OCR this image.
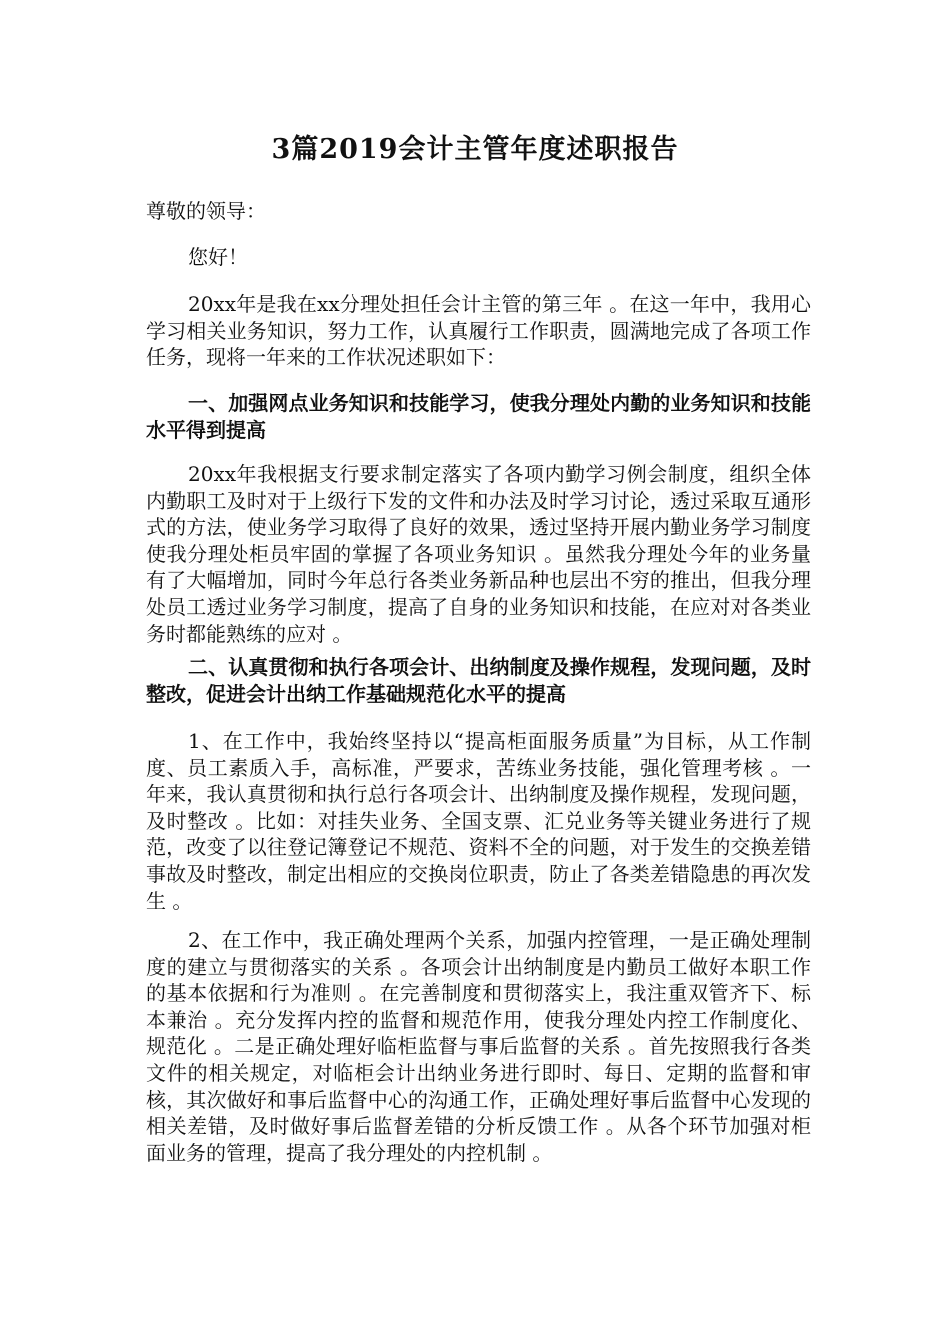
3篇2019会计主管年度述职报告

尊敬的领导：

您好！

20xx年是我在xx分理处担任会计主管的第三年 。在这一年中，我用心学习相关业务知识，努力工作，认真履行工作职责，圆满地完成了各项工作任务，现将一年来的工作状况述职如下：

一、加强网点业务知识和技能学习，使我分理处内勤的业务知识和技能水平得到提高

20xx年我根据支行要求制定落实了各项内勤学习例会制度，组织全体内勤职工及时对于上级行下发的文件和办法及时学习讨论，透过采取互通形式的方法，使业务学习取得了良好的效果，透过坚持开展内勤业务学习制度使我分理处柜员牢固的掌握了各项业务知识 。虽然我分理处今年的业务量有了大幅增加，同时今年总行各类业务新品种也层出不穷的推出，但我分理处员工透过业务学习制度，提高了自身的业务知识和技能，在应对对各类业务时都能熟练的应对 。

二、认真贯彻和执行各项会计、出纳制度及操作规程，发现问题，及时整改，促进会计出纳工作基础规范化水平的提高

1、在工作中，我始终坚持以“提高柜面服务质量”为目标，从工作制度、员工素质入手，高标准，严要求，苦练业务技能，强化管理考核 。一年来，我认真贯彻和执行总行各项会计、出纳制度及操作规程，发现问题，及时整改 。比如：对挂失业务、全国支票、汇兑业务等关键业务进行了规范，改变了以往登记簿登记不规范、资料不全的问题，对于发生的交换差错事故及时整改，制定出相应的交换岗位职责，防止了各类差错隐患的再次发生 。

2、在工作中，我正确处理两个关系，加强内控管理，一是正确处理制度的建立与贯彻落实的关系 。各项会计出纳制度是内勤员工做好本职工作的基本依据和行为准则 。在完善制度和贯彻落实上，我注重双管齐下、标本兼治 。充分发挥内控的监督和规范作用，使我分理处内控工作制度化、规范化 。二是正确处理好临柜监督与事后监督的关系 。首先按照我行各类文件的相关规定，对临柜会计出纳业务进行即时、每日、定期的监督和审核，其次做好和事后监督中心的沟通工作，正确处理好事后监督中心发现的相关差错，及时做好事后监督差错的分析反馈工作 。从各个环节加强对柜面业务的管理，提高了我分理处的内控机制 。
